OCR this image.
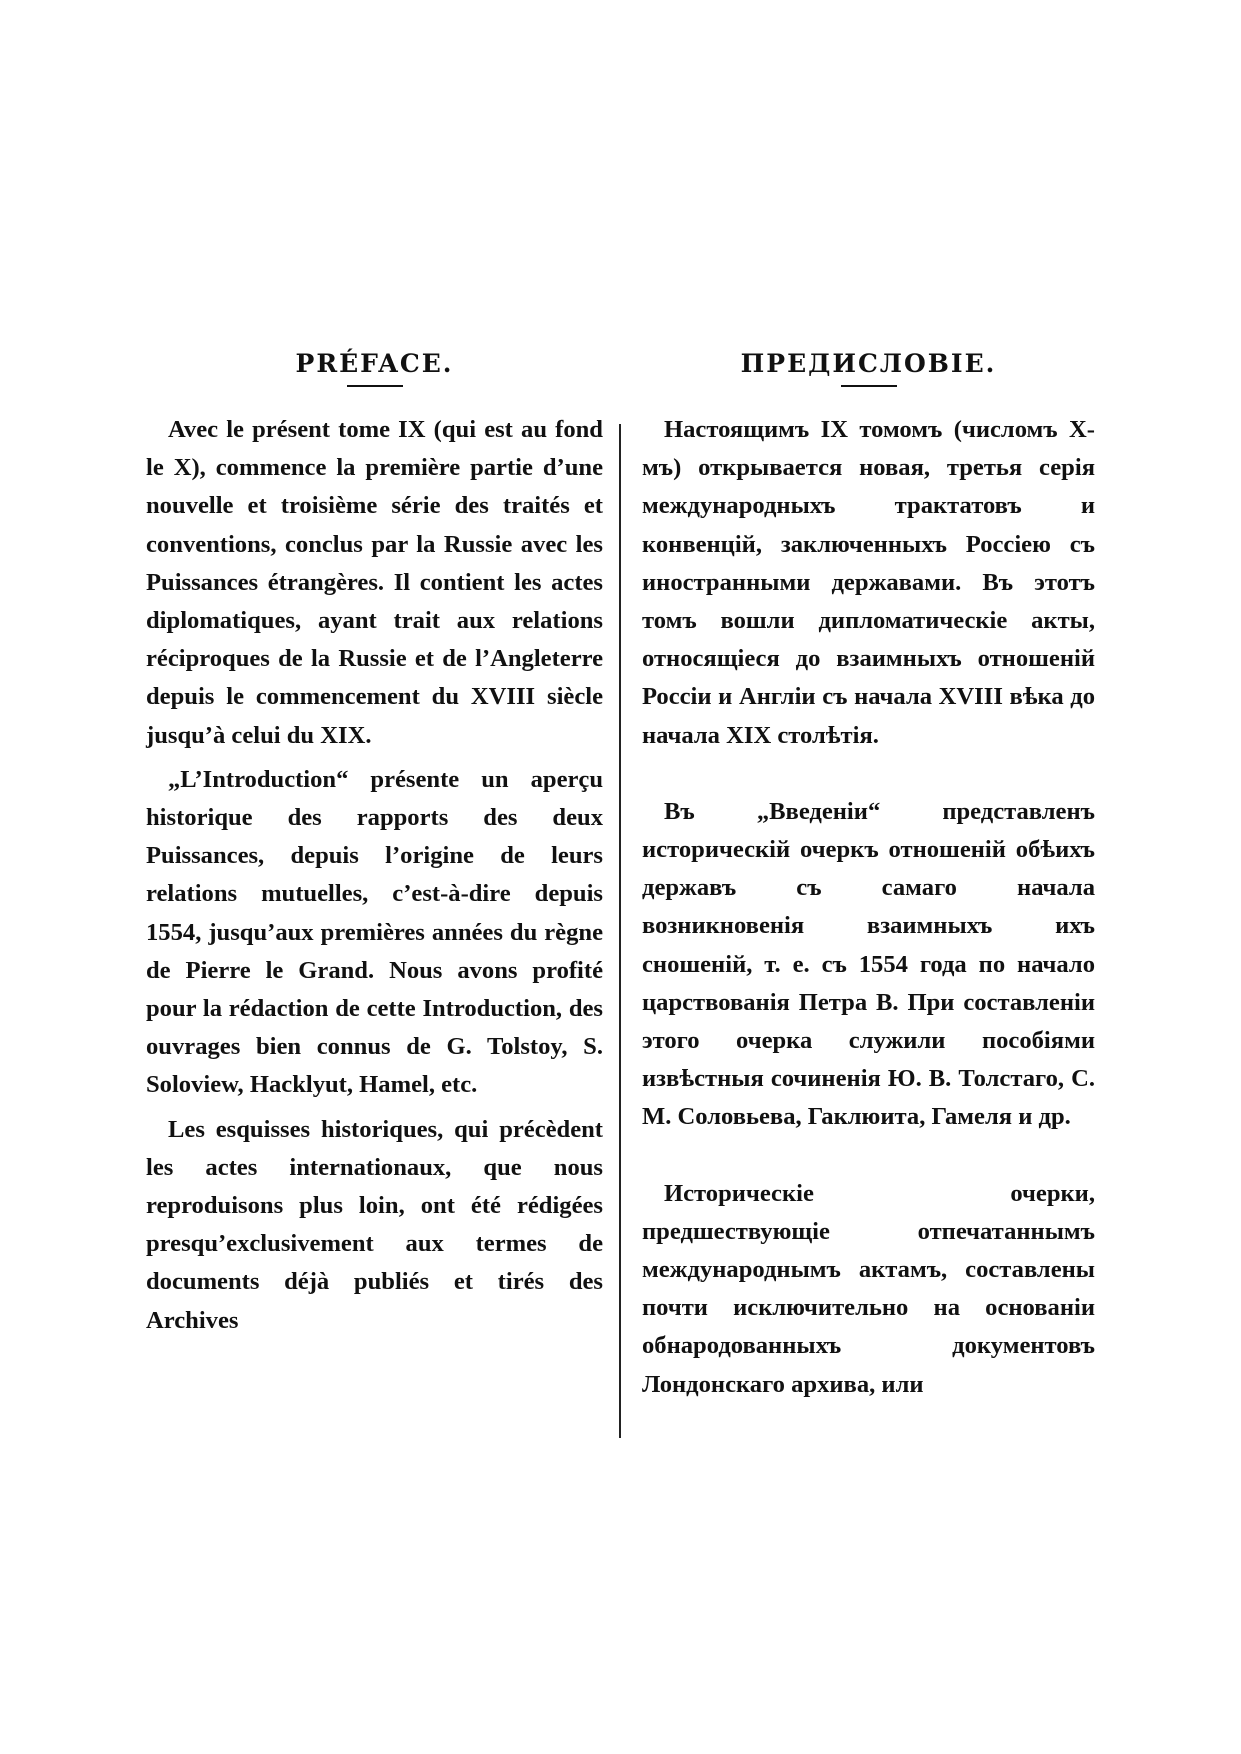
PRÉFACE.

Avec le présent tome IX (qui est au fond le X), commence la première partie d’une nouvelle et troisième série des traités et conventions, conclus par la Russie avec les Puissances étrangères. Il contient les actes diplomatiques, ayant trait aux relations réciproques de la Russie et de l’Angleterre depuis le commencement du XVIII siècle jusqu’à celui du XIX.

„L’Introduction“ présente un aperçu historique des rapports des deux Puissances, depuis l’origine de leurs relations mutuelles, c’est-à-dire depuis 1554, jusqu’aux premières années du règne de Pierre le Grand. Nous avons profité pour la rédaction de cette Introduction, des ouvrages bien connus de G. Tolstoy, S. Soloview, Hacklyut, Hamel, etc.

Les esquisses historiques, qui précèdent les actes internationaux, que nous reproduisons plus loin, ont été rédigées presqu’exclusivement aux termes de documents déjà publiés et tirés des Archives

ПРЕДИСЛОВІЕ.

Настоящимъ IX томомъ (числомъ X-мъ) открывается новая, третья серія международныхъ трактатовъ и конвенцій, заключенныхъ Россіею съ иностранными державами. Въ этотъ томъ вошли дипломатическіе акты, относящіеся до взаимныхъ отношеній Россіи и Англіи съ начала XVIII вѣка до начала XIX столѣтія.

Въ „Введеніи“ представленъ историческій очеркъ отношеній обѣихъ державъ съ самаго начала возникновенія взаимныхъ ихъ сношеній, т. е. съ 1554 года по начало царствованія Петра В. При составленіи этого очерка служили пособіями извѣстныя сочиненія Ю. В. Толстаго, С. М. Соловьева, Гаклюита, Гамеля и др.

Историческіе очерки, предшествующіе отпечатаннымъ международнымъ актамъ, составлены почти исключительно на основаніи обнародованныхъ документовъ Лондонскаго архива, или
